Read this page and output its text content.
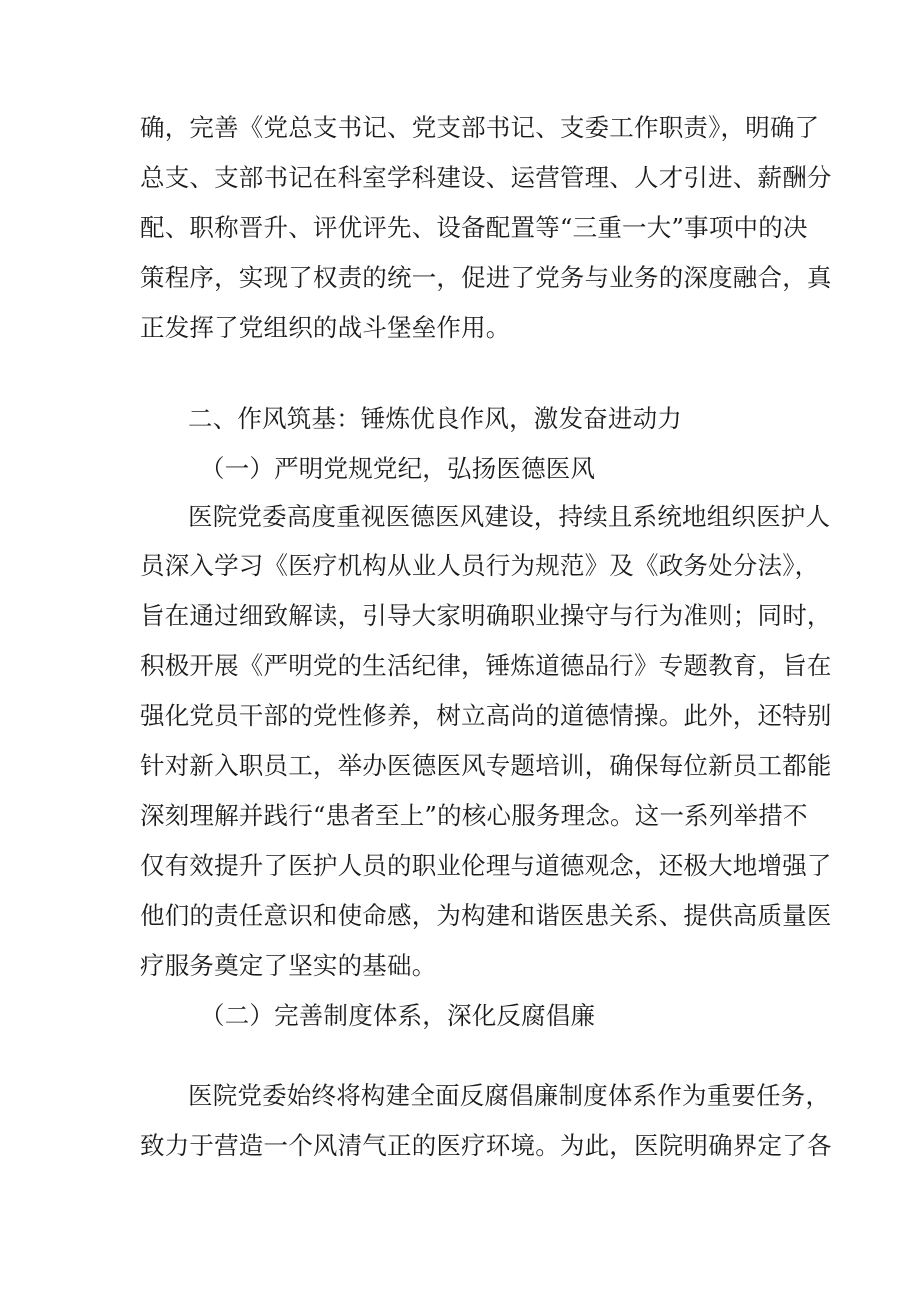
确，完善《党总支书记、党支部书记、支委工作职责》，明确了
总支、支部书记在科室学科建设、运营管理、人才引进、薪酬分
配、职称晋升、评优评先、设备配置等“三重一大”事项中的决
策程序，实现了权责的统一，促进了党务与业务的深度融合，真
正发挥了党组织的战斗堡垒作用。
二、作风筑基：锤炼优良作风，激发奋进动力
（一）严明党规党纪，弘扬医德医风
医院党委高度重视医德医风建设，持续且系统地组织医护人
员深入学习《医疗机构从业人员行为规范》及《政务处分法》，
旨在通过细致解读，引导大家明确职业操守与行为准则；同时，
积极开展《严明党的生活纪律，锤炼道德品行》专题教育，旨在
强化党员干部的党性修养，树立高尚的道德情操。此外，还特别
针对新入职员工，举办医德医风专题培训，确保每位新员工都能
深刻理解并践行“患者至上”的核心服务理念。这一系列举措不
仅有效提升了医护人员的职业伦理与道德观念，还极大地增强了
他们的责任意识和使命感，为构建和谐医患关系、提供高质量医
疗服务奠定了坚实的基础。
（二）完善制度体系，深化反腐倡廉
医院党委始终将构建全面反腐倡廉制度体系作为重要任务，
致力于营造一个风清气正的医疗环境。为此，医院明确界定了各
